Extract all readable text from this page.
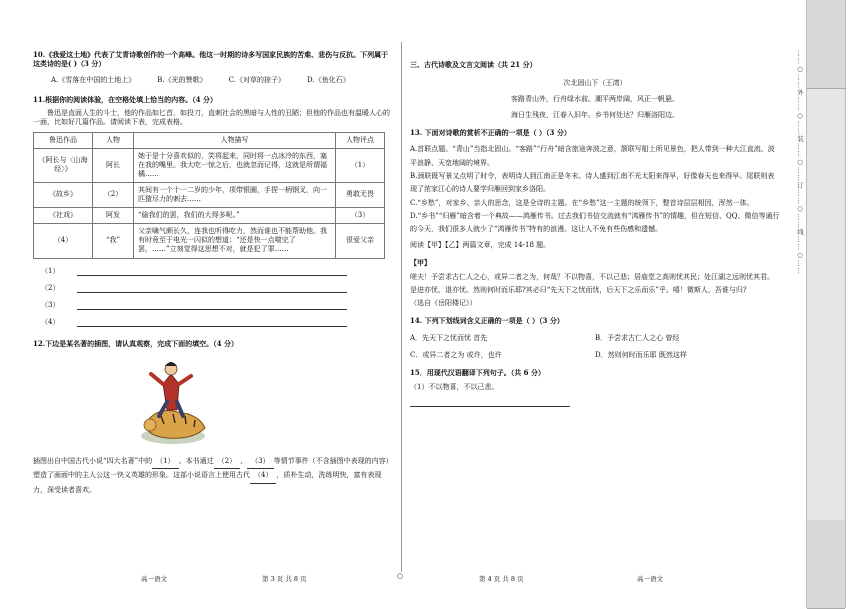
10.《我爱这土地》代表了艾青诗歌创作的一个高峰。他这一时期的诗多写国家民族的苦难、悲伤与反抗。下列属于这类诗的是( )（3 分）

A.《雪落在中国的土地上》	B.《光的赞歌》	C.《对草的掠子》	D.《鱼化石》

11.根据你的阅读体验，在空格处填上恰当的内容。（4 分）

鲁迅是直面人生的斗士，他的作品如匕首，如投刀，直刺社会的黑暗与人性的丑陋；但他的作品也有温暖人心的一面，比如好几篇作品。请阅读下表，完成表格。

鲁迅作品	人物	人物描写	人物评点
《阿长与〈山海经〉》	阿长	她于是十分喜欢似的，笑将起来，同时将一点冰冷的东西，塞在我的嘴里。我大吃一惊之后，也就忽而记得，这就是所谓福橘……	（1）
《故乡》	（2）	其间有一个十一二岁的少年，项带银圈，手捏一柄钢叉，向一匹猹尽力的刺去……	勇敢无畏
《社戏》	阿发	“偷我们的罢，我们的大得多呢。”	（3）
（4）	“我”	父亲噙气颇长久，连我也听得吃力，然而谁也不能帮助他。我有时竟至于电光一闪似的想道：“还是快一点喘完了罢，……”立刻觉得这思想不对，就是犯了罪……	很爱父亲
（1）
（2）
（3）
（4）

12.下边是某名著的插图，请认真观察，完成下面的填空。（4 分）

插图出自中国古代小说“四大名著”中的 （1） 。本书通过 （2） 、 （3） 等情节事件（不含插图中表现的内容）塑造了画面中的主人公这一快义英雄的形象。这部小说语言上使用古代 （4） ，质朴生动，洗练明快，富有表现力，深受读者喜欢。

三、古代诗歌及文言文阅读（共 21 分）

次北固山下（王湾）

客路青山外，行舟绿水前。潮平两岸阔，风正一帆悬。

海日生残夜，江春入旧年。乡书何处达？归雁洛阳边。

13. 下面对诗歌的赏析不正确的一项是（ ）（3 分）

A.首联点题。“青山”当指北固山。“客路”“行舟”暗含旅途奔波之意，颔联写船上所见景色，把人带到一种大江直流、波平浪静、天宽地阔的境界。

B.颈联既写景又点明了时令，表明诗人到江南正是冬末。诗人盛到江南不光太阳来得早，好像春天也来得早。尾联则表现了浓家江心的诗人要学归雁回到家乡洛阳。

C.“乡愁”，对家乡、亲人的思念，这是全诗的主题。在“乡愁”这一主题的统领下，整首诗层层相因，浑然一体。

D.“乡书”“归雁”暗含着一个典故——鸿雁传书。过去我们书信交流就有“鸿雁传书”的情趣，但在短信、QQ、微信等通行的今天，我们很多人就少了“鸿雁传书”特有的浪漫。这让人不免有些伤感和遗憾。

阅读【甲】【乙】两篇文章，完成 14-18 题。

【甲】

嗟夫！予尝求古仁人之心，或异二者之为，何哉？不以物喜，不以己悲；居庙堂之高则忧其民；处江湖之远则忧其君。是进亦忧，退亦忧。然则何时而乐耶?其必曰“先天下之忧而忧，后天下之乐而乐”乎。嘻！微斯人，吾谁与归?

（选自《岳阳楼记》）

14. 下列下划线词含义正确的一项是（ ）（3 分）

A．先天下之忧而忧 首先	B．予尝求古仁人之心 曾经
C．或异二者之为 或许，也许	D．然则何时而乐耶 既然这样

15．用现代汉语翻译下列句子。（共 6 分）

（1）不以物喜，不以己悲。

高一语文	第 3 页 共 8 页	○	第 4 页 共 8 页	高一语文
……○……外……○……装……○……订……○……线……○……
